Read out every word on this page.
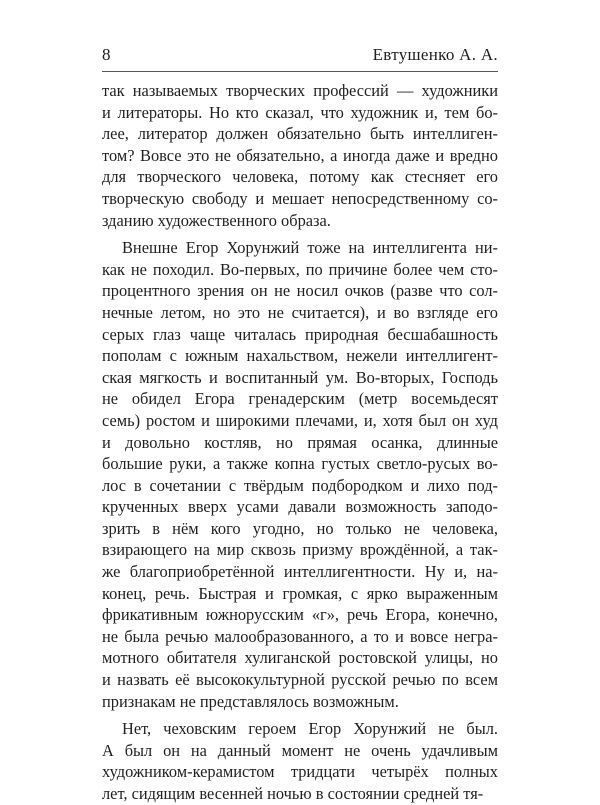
8	Евтушенко А. А.
так называемых творческих профессий — художники
и литераторы. Но кто сказал, что художник и, тем бо-
лее, литератор должен обязательно быть интеллиген-
том? Вовсе это не обязательно, а иногда даже и вредно
для творческого человека, потому как стесняет его
творческую свободу и мешает непосредственному со-
зданию художественного образа.
Внешне Егор Хорунжий тоже на интеллигента ни-
как не походил. Во-первых, по причине более чем сто-
процентного зрения он не носил очков (разве что сол-
нечные летом, но это не считается), и во взгляде его
серых глаз чаще читалась природная бесшабашность
пополам с южным нахальством, нежели интеллигент-
ская мягкость и воспитанный ум. Во-вторых, Господь
не обидел Егора гренадерским (метр восемьдесят
семь) ростом и широкими плечами, и, хотя был он худ
и довольно костляв, но прямая осанка, длинные
большие руки, а также копна густых светло-русых во-
лос в сочетании с твёрдым подбородком и лихо под-
крученных вверх усами давали возможность заподо-
зрить в нём кого угодно, но только не человека,
взирающего на мир сквозь призму врождённой, а так-
же благоприобретённой интеллигентности. Ну и, на-
конец, речь. Быстрая и громкая, с ярко выраженным
фрикативным южнорусским «г», речь Егора, конечно,
не была речью малообразованного, а то и вовсе негра-
мотного обитателя хулиганской ростовской улицы, но
и назвать её высококультурной русской речью по всем
признакам не представлялось возможным.
Нет, чеховским героем Егор Хорунжий не был.
А был он на данный момент не очень удачливым
художником-керамистом тридцати четырёх полных
лет, сидящим весенней ночью в состоянии средней тя-
